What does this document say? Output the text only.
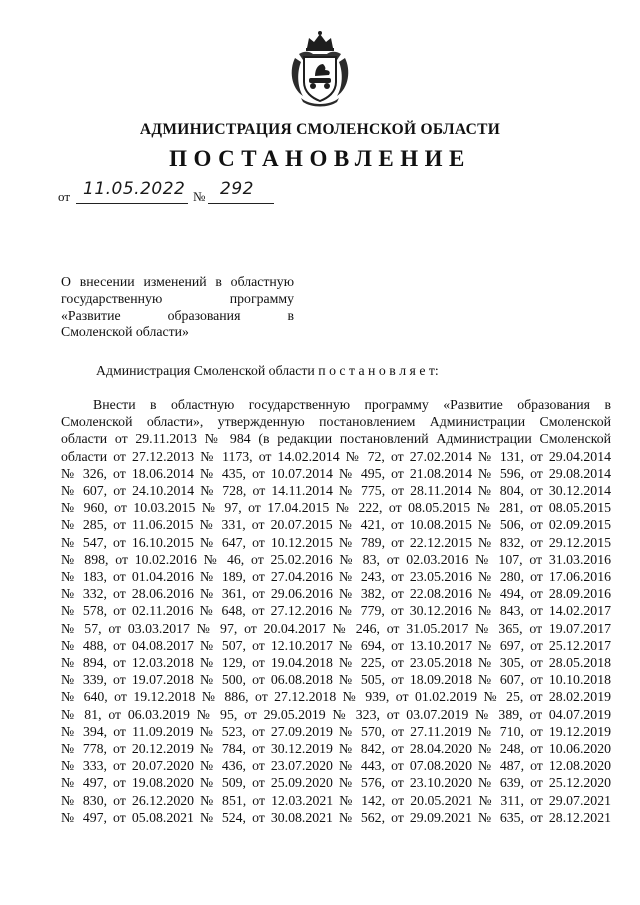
АДМИНИСТРАЦИЯ СМОЛЕНСКОЙ ОБЛАСТИ
ПОСТАНОВЛЕНИЕ
от 11.05.2022 № 292
О внесении изменений в областную
государственную программу
«Развитие образования в
Смоленской области»
Администрация Смоленской области п о с т а н о в л я е т:
Внести в областную государственную программу «Развитие образования в
Смоленской области», утвержденную постановлением Администрации Смоленской
области от 29.11.2013 № 984 (в редакции постановлений Администрации Смоленской
области от 27.12.2013 № 1173, от 14.02.2014 № 72, от 27.02.2014 № 131, от 29.04.2014
№ 326, от 18.06.2014 № 435, от 10.07.2014 № 495, от 21.08.2014 № 596, от 29.08.2014
№ 607, от 24.10.2014 № 728, от 14.11.2014 № 775, от 28.11.2014 № 804, от 30.12.2014
№ 960, от 10.03.2015 № 97, от 17.04.2015 № 222, от 08.05.2015 № 281, от 08.05.2015
№ 285, от 11.06.2015 № 331, от 20.07.2015 № 421, от 10.08.2015 № 506, от 02.09.2015
№ 547, от 16.10.2015 № 647, от 10.12.2015 № 789, от 22.12.2015 № 832, от 29.12.2015
№ 898, от 10.02.2016 № 46, от 25.02.2016 № 83, от 02.03.2016 № 107, от 31.03.2016
№ 183, от 01.04.2016 № 189, от 27.04.2016 № 243, от 23.05.2016 № 280, от 17.06.2016
№ 332, от 28.06.2016 № 361, от 29.06.2016 № 382, от 22.08.2016 № 494, от 28.09.2016
№ 578, от 02.11.2016 № 648, от 27.12.2016 № 779, от 30.12.2016 № 843, от 14.02.2017
№ 57, от 03.03.2017 № 97, от 20.04.2017 № 246, от 31.05.2017 № 365, от 19.07.2017
№ 488, от 04.08.2017 № 507, от 12.10.2017 № 694, от 13.10.2017 № 697, от 25.12.2017
№ 894, от 12.03.2018 № 129, от 19.04.2018 № 225, от 23.05.2018 № 305, от 28.05.2018
№ 339, от 19.07.2018 № 500, от 06.08.2018 № 505, от 18.09.2018 № 607, от 10.10.2018
№ 640, от 19.12.2018 № 886, от 27.12.2018 № 939, от 01.02.2019 № 25, от 28.02.2019
№ 81, от 06.03.2019 № 95, от 29.05.2019 № 323, от 03.07.2019 № 389, от 04.07.2019
№ 394, от 11.09.2019 № 523, от 27.09.2019 № 570, от 27.11.2019 № 710, от 19.12.2019
№ 778, от 20.12.2019 № 784, от 30.12.2019 № 842, от 28.04.2020 № 248, от 10.06.2020
№ 333, от 20.07.2020 № 436, от 23.07.2020 № 443, от 07.08.2020 № 487, от 12.08.2020
№ 497, от 19.08.2020 № 509, от 25.09.2020 № 576, от 23.10.2020 № 639, от 25.12.2020
№ 830, от 26.12.2020 № 851, от 12.03.2021 № 142, от 20.05.2021 № 311, от 29.07.2021
№ 497, от 05.08.2021 № 524, от 30.08.2021 № 562, от 29.09.2021 № 635, от 28.12.2021
